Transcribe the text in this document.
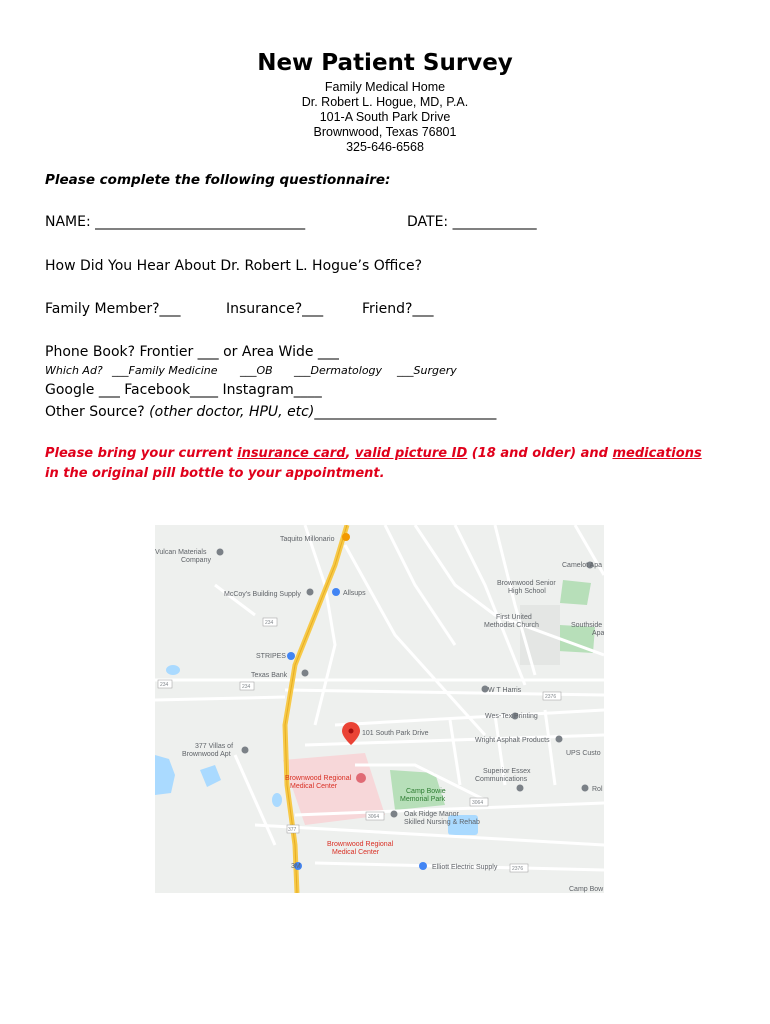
New Patient Survey
Family Medical Home
Dr. Robert L. Hogue, MD, P.A.
101-A South Park Drive
Brownwood, Texas 76801
325-646-6568
Please complete the following questionnaire:
NAME: ______________________________	DATE: ____________
How Did You Hear About Dr. Robert L. Hogue’s Office?
Family Member?___	Insurance?___	Friend?___
Phone Book? Frontier ___ or Area Wide ___
Which Ad? ___Family Medicine ___OB ___Dermatology ___Surgery
Google ___ Facebook____ Instagram____
Other Source? (other doctor, HPU, etc)__________________________
Please bring your current insurance card, valid picture ID (18 and older) and medications
in the original pill bottle to your appointment.
234
234	234
2376
3064
3064
2376
377
Taquito Millonario
Vulcan Materials
Company
McCoy's Building Supply	Allsups
STRIPES
Texas Bank
Brownwood Senior
High School
Camelot Apa
First United
Methodist Church	Southside
Apa
W T Harris
Wes-Tex Printing
101 South Park Drive
Wright Asphalt Products
UPS Custo
377 Villas of
Brownwood Apt
Brownwood Regional
Medical Center
Superior Essex
Communications
Camp Bowie
Memorial Park
Oak Ridge Manor
Skilled Nursing & Rehab
Brownwood Regional
Medical Center
Elliott Electric Supply
3M
Camp Bow
Rol
